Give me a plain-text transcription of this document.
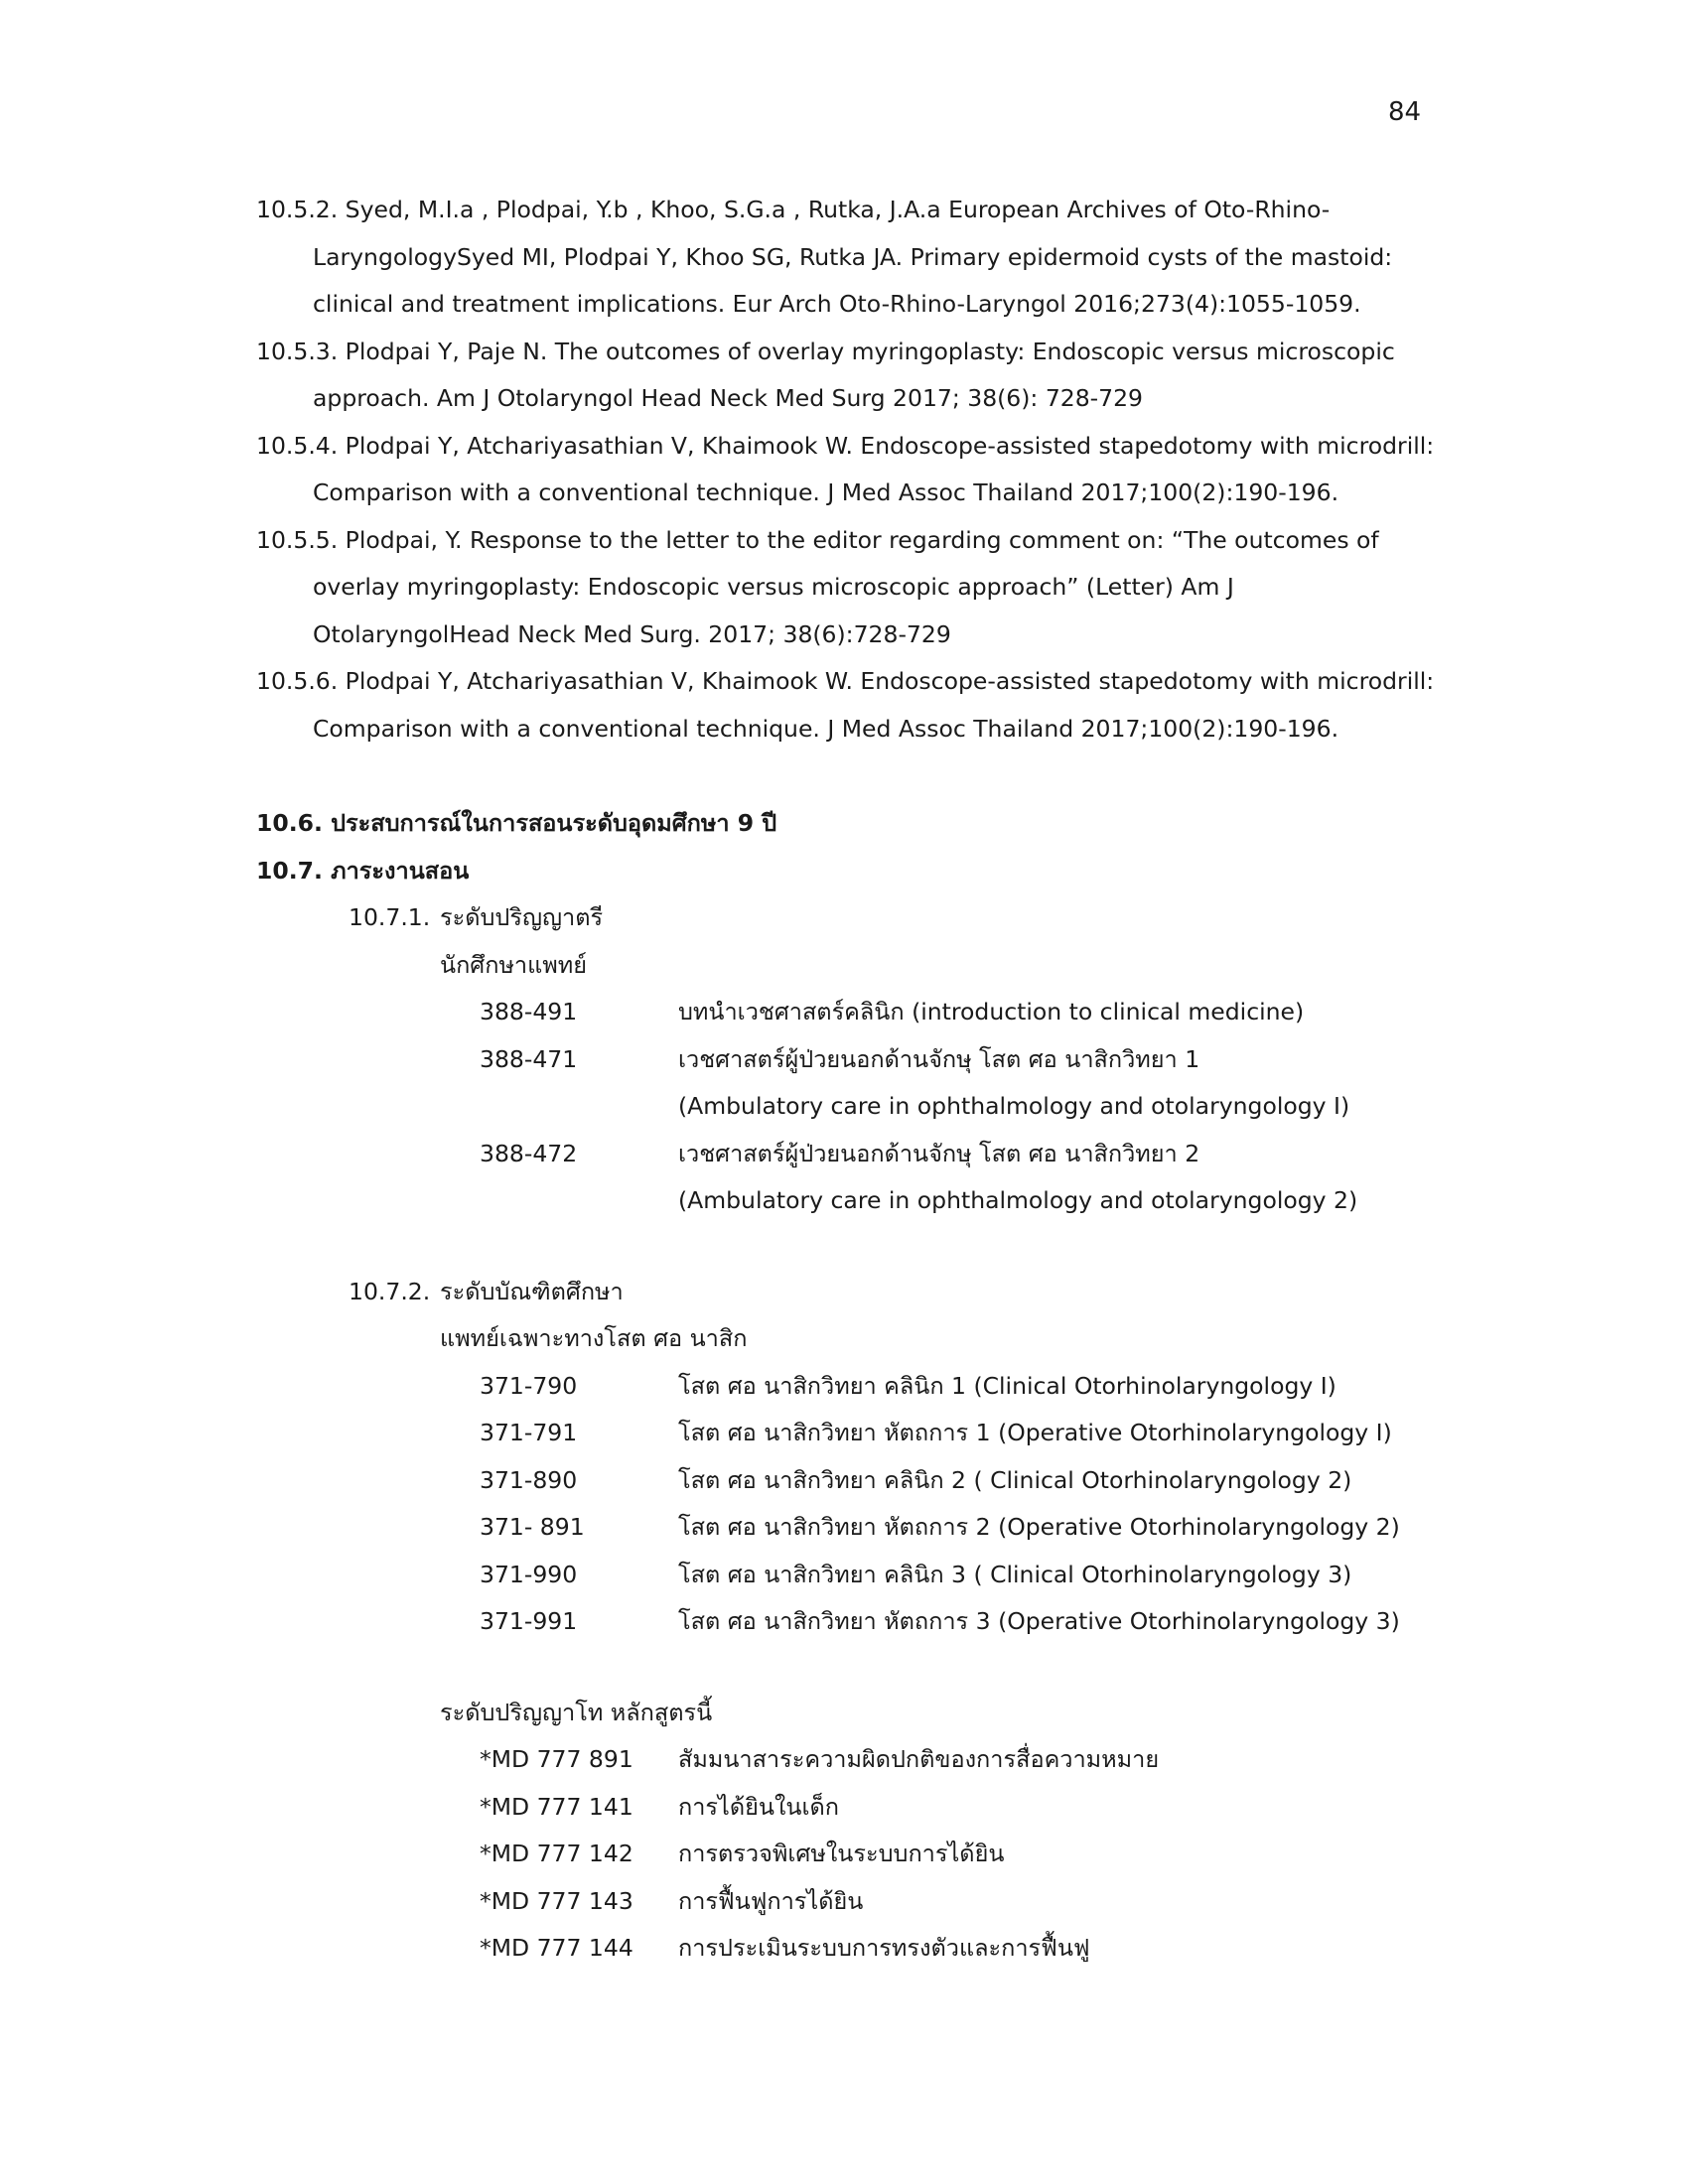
84
10.5.2. Syed, M.I.a , Plodpai, Y.b , Khoo, S.G.a , Rutka, J.A.a European Archives of Oto-Rhino-LaryngologySyed MI, Plodpai Y, Khoo SG, Rutka JA. Primary epidermoid cysts of the mastoid: clinical and treatment implications. Eur Arch Oto-Rhino-Laryngol 2016;273(4):1055-1059.
10.5.3. Plodpai Y, Paje N. The outcomes of overlay myringoplasty: Endoscopic versus microscopic approach. Am J Otolaryngol Head Neck Med Surg 2017; 38(6): 728-729
10.5.4. Plodpai Y, Atchariyasathian V, Khaimook W. Endoscope-assisted stapedotomy with microdrill: Comparison with a conventional technique. J Med Assoc Thailand 2017;100(2):190-196.
10.5.5. Plodpai, Y. Response to the letter to the editor regarding comment on: “The outcomes of overlay myringoplasty: Endoscopic versus microscopic approach” (Letter) Am J OtolaryngolHead Neck Med Surg. 2017; 38(6):728-729
10.5.6. Plodpai Y, Atchariyasathian V, Khaimook W. Endoscope-assisted stapedotomy with microdrill: Comparison with a conventional technique. J Med Assoc Thailand 2017;100(2):190-196.
10.6. ประสบการณ์ในการสอนระดับอุดมศึกษา 9 ปี
10.7. ภาระงานสอน
10.7.1. ระดับปริญญาตรี
นักศึกษาแพทย์
388-491	บทนำเวชศาสตร์คลินิก (introduction to clinical medicine)
388-471	เวชศาสตร์ผู้ป่วยนอกด้านจักษุ โสต ศอ นาสิกวิทยา 1
(Ambulatory care in ophthalmology and otolaryngology I)
388-472	เวชศาสตร์ผู้ป่วยนอกด้านจักษุ โสต ศอ นาสิกวิทยา 2
(Ambulatory care in ophthalmology and otolaryngology 2)
10.7.2. ระดับบัณฑิตศึกษา
แพทย์เฉพาะทางโสต ศอ นาสิก
371-790	โสต ศอ นาสิกวิทยา คลินิก 1 (Clinical Otorhinolaryngology I)
371-791	โสต ศอ นาสิกวิทยา หัตถการ 1 (Operative Otorhinolaryngology I)
371-890	โสต ศอ นาสิกวิทยา คลินิก 2 ( Clinical Otorhinolaryngology 2)
371- 891	โสต ศอ นาสิกวิทยา หัตถการ 2 (Operative Otorhinolaryngology 2)
371-990	โสต ศอ นาสิกวิทยา คลินิก 3 ( Clinical Otorhinolaryngology 3)
371-991	โสต ศอ นาสิกวิทยา หัตถการ 3 (Operative Otorhinolaryngology 3)
ระดับปริญญาโท หลักสูตรนี้
*MD 777 891	สัมมนาสาระความผิดปกติของการสื่อความหมาย
*MD 777 141	การได้ยินในเด็ก
*MD 777 142	การตรวจพิเศษในระบบการได้ยิน
*MD 777 143	การฟื้นฟูการได้ยิน
*MD 777 144	การประเมินระบบการทรงตัวและการฟื้นฟู
